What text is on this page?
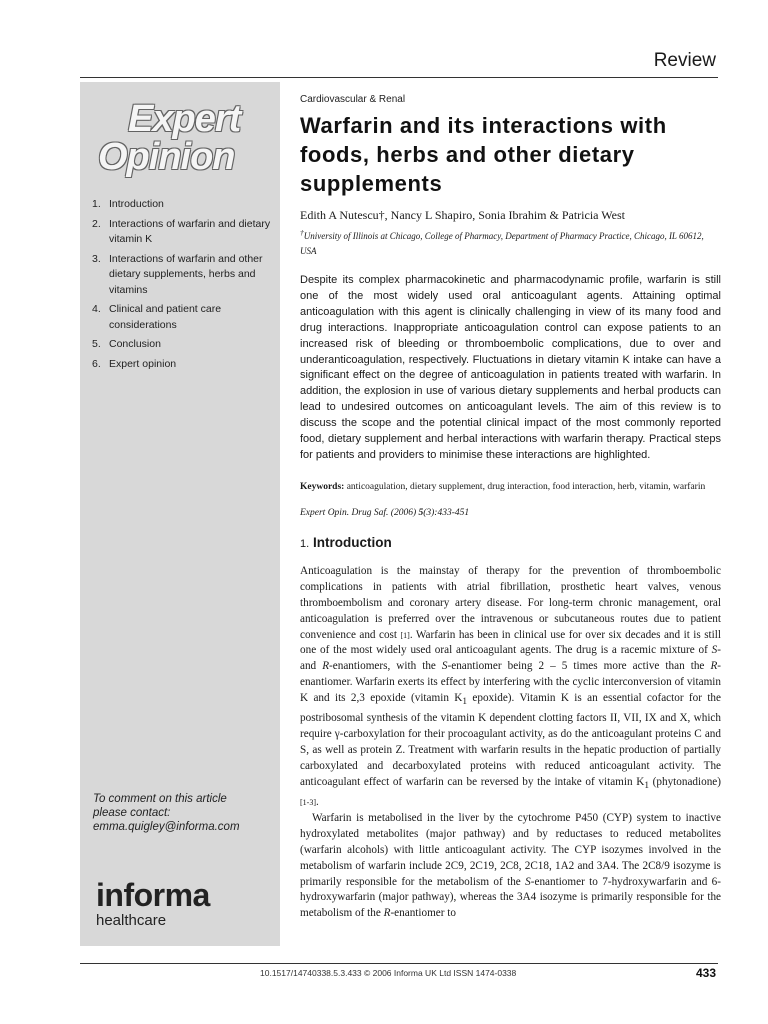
Review
Expert
Opinion
1. Introduction
2. Interactions of warfarin and dietary vitamin K
3. Interactions of warfarin and other dietary supplements, herbs and vitamins
4. Clinical and patient care considerations
5. Conclusion
6. Expert opinion
To comment on this article
please contact:
emma.quigley@informa.com
informa
healthcare
Cardiovascular & Renal
Warfarin and its interactions with foods, herbs and other dietary supplements
Edith A Nutescu†, Nancy L Shapiro, Sonia Ibrahim & Patricia West
†University of Illinois at Chicago, College of Pharmacy, Department of Pharmacy Practice, Chicago, IL 60612, USA
Despite its complex pharmacokinetic and pharmacodynamic profile, warfarin is still one of the most widely used oral anticoagulant agents. Attaining optimal anticoagulation with this agent is clinically challenging in view of its many food and drug interactions. Inappropriate anticoagulation control can expose patients to an increased risk of bleeding or thromboembolic complications, due to over and underanticoagulation, respectively. Fluctuations in dietary vitamin K intake can have a significant effect on the degree of anticoagulation in patients treated with warfarin. In addition, the explosion in use of various dietary supplements and herbal products can lead to undesired outcomes on anticoagulant levels. The aim of this review is to discuss the scope and the potential clinical impact of the most commonly reported food, dietary supplement and herbal interactions with warfarin therapy. Practical steps for patients and providers to minimise these interactions are highlighted.
Keywords: anticoagulation, dietary supplement, drug interaction, food interaction, herb, vitamin, warfarin
Expert Opin. Drug Saf. (2006) 5(3):433-451
1. Introduction

Anticoagulation is the mainstay of therapy for the prevention of thromboembolic complications in patients with atrial fibrillation, prosthetic heart valves, venous thromboembolism and coronary artery disease. For long-term chronic management, oral anticoagulation is preferred over the intravenous or subcutaneous routes due to patient convenience and cost [1]. Warfarin has been in clinical use for over six decades and it is still one of the most widely used oral anticoagulant agents. The drug is a racemic mixture of S- and R-enantiomers, with the S-enantiomer being 2 – 5 times more active than the R-enantiomer. Warfarin exerts its effect by interfering with the cyclic interconversion of vitamin K and its 2,3 epoxide (vitamin $K_1$ epoxide). Vitamin K is an essential cofactor for the postribosomal synthesis of the vitamin K dependent clotting factors II, VII, IX and X, which require γ-carboxylation for their procoagulant activity, as do the anticoagulant proteins C and S, as well as protein Z. Treatment with warfarin results in the hepatic production of partially carboxylated and decarboxylated proteins with reduced anticoagulant activity. The anticoagulant effect of warfarin can be reversed by the intake of vitamin $K_1$ (phytonadione) [1-3].

Warfarin is metabolised in the liver by the cytochrome P450 (CYP) system to inactive hydroxylated metabolites (major pathway) and by reductases to reduced metabolites (warfarin alcohols) with little anticoagulant activity. The CYP isozymes involved in the metabolism of warfarin include 2C9, 2C19, 2C8, 2C18, 1A2 and 3A4. The 2C8/9 isozyme is primarily responsible for the metabolism of the S-enantiomer to 7-hydroxywarfarin and 6-hydroxywarfarin (major pathway), whereas the 3A4 isozyme is primarily responsible for the metabolism of the R-enantiomer to

10.1517/14740338.5.3.433 © 2006 Informa UK Ltd ISSN 1474-0338	433
